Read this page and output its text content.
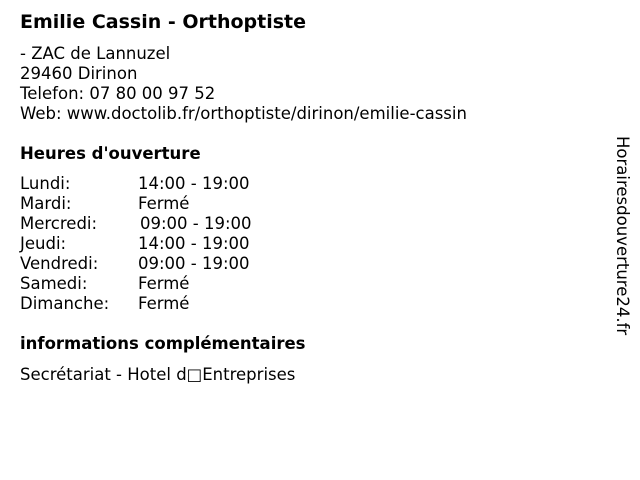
Emilie Cassin - Orthoptiste
- ZAC de Lannuzel
29460 Dirinon
Telefon: 07 80 00 97 52
Web: www.doctolib.fr/orthoptiste/dirinon/emilie-cassin
Heures d'ouverture
Lundi:	14:00 - 19:00
Mardi:	Fermé
Mercredi:	09:00 - 19:00
Jeudi:	14:00 - 19:00
Vendredi: 09:00 - 19:00
Samedi:	Fermé
Dimanche: Fermé
informations complémentaires
Secrétariat - Hotel d□Entreprises
Horairesdouverture24.fr
